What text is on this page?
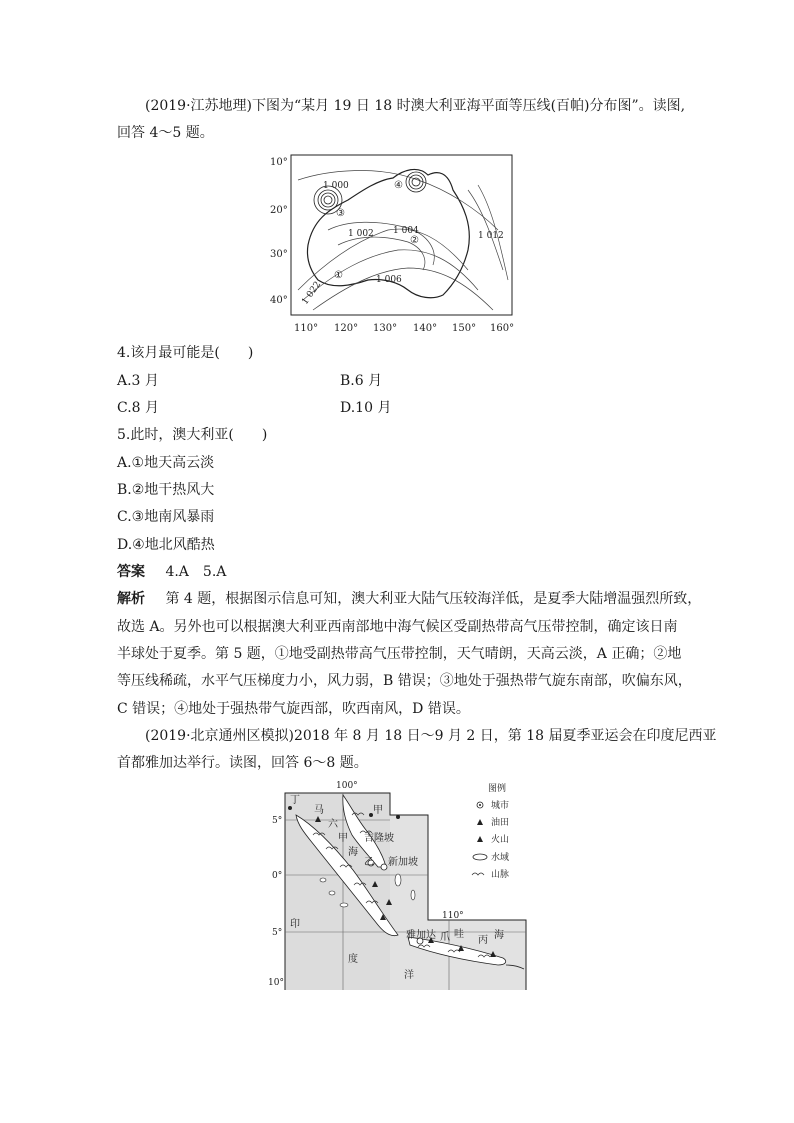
(2019·江苏地理)下图为“某月 19 日 18 时澳大利亚海平面等压线(百帕)分布图”。读图,
回答 4～5 题。
10°
20°
30°
40°
110° 120° 130° 140° 150° 160°
1 000
1 002 1 004
1 006
1 012
1 022
①
②
③
④
4.该月最可能是(　　)
A.3 月	B.6 月
C.8 月	D.10 月
5.此时，澳大利亚(　　)
A.①地天高云淡
B.②地干热风大
C.③地南风暴雨
D.④地北风酷热
答案 4.A　5.A
解析 第 4 题，根据图示信息可知，澳大利亚大陆气压较海洋低，是夏季大陆增温强烈所致，
故选 A。另外也可以根据澳大利亚西南部地中海气候区受副热带高气压带控制，确定该日南
半球处于夏季。第 5 题，①地受副热带高气压带控制，天气晴朗，天高云淡，A 正确；②地
等压线稀疏，水平气压梯度力小，风力弱，B 错误；③地处于强热带气旋东南部，吹偏东风，
C 错误；④地处于强热带气旋西部，吹西南风，D 错误。
(2019·北京通州区模拟)2018 年 8 月 18 日～9 月 2 日，第 18 届夏季亚运会在印度尼西亚
首都雅加达举行。读图，回答 6～8 题。
5°
0°
5°
10°
100°
110°
丁
马
六
甲
甲
吉隆坡
海
乙 新加坡
雅加达 爪 哇
丙 海
印
度
洋
图例
城市
油田
火山
水域
山脉
